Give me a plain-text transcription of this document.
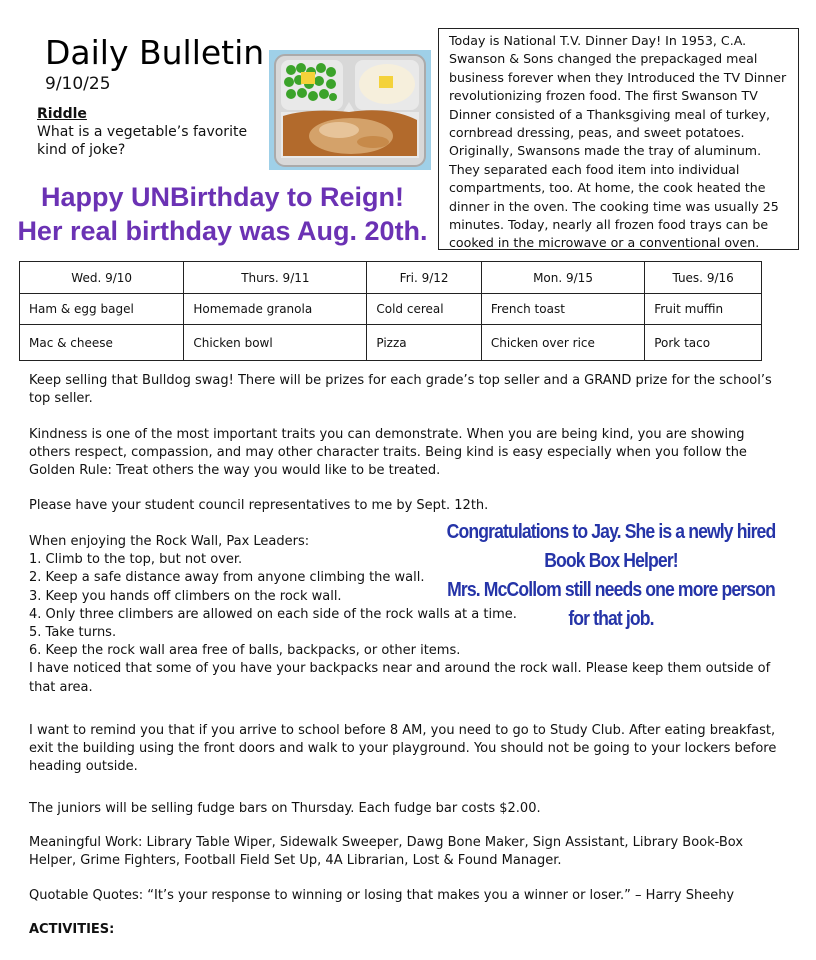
Daily Bulletin
9/10/25
Riddle
What is a vegetable’s favorite kind of joke?
Today is National T.V. Dinner Day! In 1953, C.A. Swanson & Sons changed the prepackaged meal business forever when they Introduced the TV Dinner revolutionizing frozen food. The first Swanson TV Dinner consisted of a Thanksgiving meal of turkey, cornbread dressing, peas, and sweet potatoes. Originally, Swansons made the tray of aluminum. They separated each food item into individual compartments, too. At home, the cook heated the dinner in the oven. The cooking time was usually 25 minutes. Today, nearly all frozen food trays can be cooked in the microwave or a conventional oven.
Happy UNBirthday to Reign!
Her real birthday was Aug. 20th.
Wed. 9/10	Thurs. 9/11	Fri. 9/12	Mon. 9/15	Tues. 9/16
Ham & egg bagel	Homemade granola	Cold cereal	French toast	Fruit muffin
Mac & cheese	Chicken bowl	Pizza	Chicken over rice	Pork taco
Keep selling that Bulldog swag! There will be prizes for each grade’s top seller and a GRAND prize for the school’s top seller.
Kindness is one of the most important traits you can demonstrate. When you are being kind, you are showing others respect, compassion, and may other character traits. Being kind is easy especially when you follow the Golden Rule: Treat others the way you would like to be treated.
Please have your student council representatives to me by Sept. 12th.
When enjoying the Rock Wall, Pax Leaders:
1. Climb to the top, but not over.
2. Keep a safe distance away from anyone climbing the wall.
3. Keep you hands off climbers on the rock wall.
4. Only three climbers are allowed on each side of the rock walls at a time.
5. Take turns.
6. Keep the rock wall area free of balls, backpacks, or other items.
I have noticed that some of you have your backpacks near and around the rock wall. Please keep them outside of that area.
Congratulations to Jay. She is a newly hired Book Box Helper!
Mrs. McCollom still needs one more person for that job.
I want to remind you that if you arrive to school before 8 AM, you need to go to Study Club. After eating breakfast, exit the building using the front doors and walk to your playground. You should not be going to your lockers before heading outside.
The juniors will be selling fudge bars on Thursday. Each fudge bar costs $2.00.
Meaningful Work: Library Table Wiper, Sidewalk Sweeper, Dawg Bone Maker, Sign Assistant, Library Book-Box Helper, Grime Fighters, Football Field Set Up, 4A Librarian, Lost & Found Manager.
Quotable Quotes: “It’s your response to winning or losing that makes you a winner or loser.” – Harry Sheehy
ACTIVITIES:
